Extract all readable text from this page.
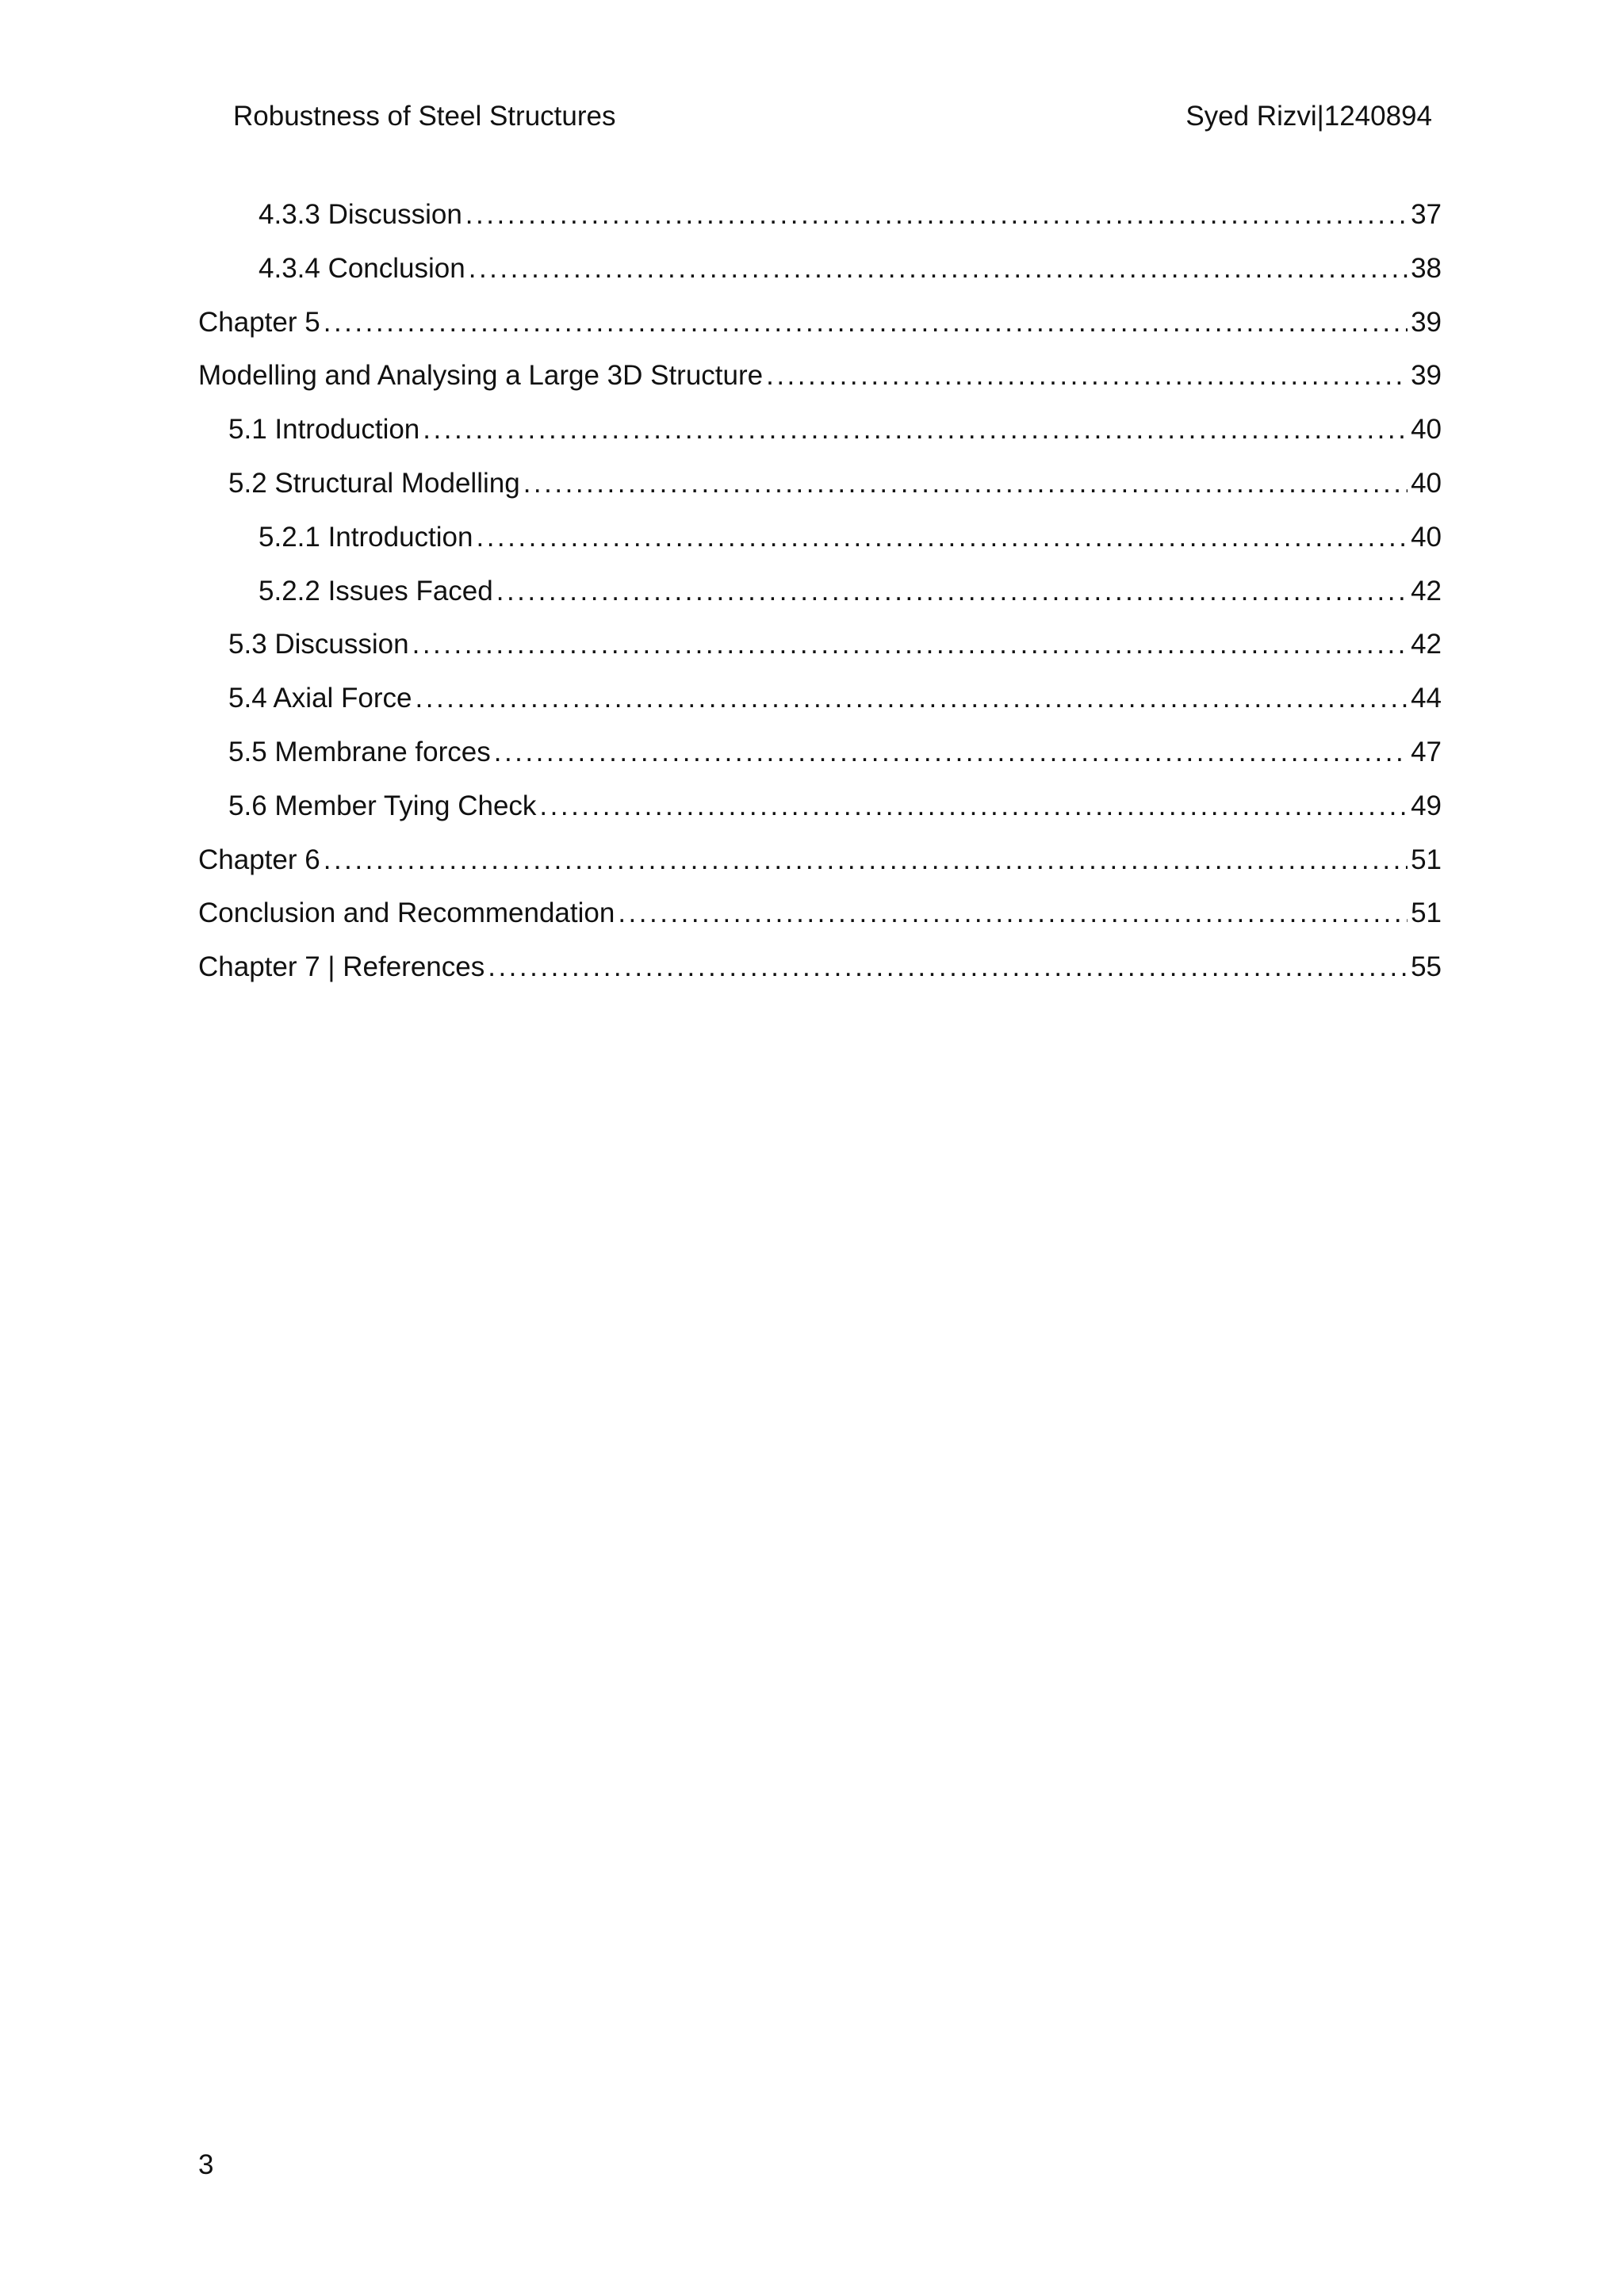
Robustness of Steel Structures	Syed Rizvi|1240894
4.3.3 Discussion .....	37
4.3.4 Conclusion .....	38
Chapter 5 .....	39
Modelling and Analysing a Large 3D Structure .....	39
5.1 Introduction .....	40
5.2 Structural Modelling .....	40
5.2.1 Introduction .....	40
5.2.2 Issues Faced .....	42
5.3 Discussion .....	42
5.4 Axial Force .....	44
5.5 Membrane forces .....	47
5.6 Member Tying Check .....	49
Chapter 6 .....	51
Conclusion and Recommendation .....	51
Chapter 7 | References .....	55
3
